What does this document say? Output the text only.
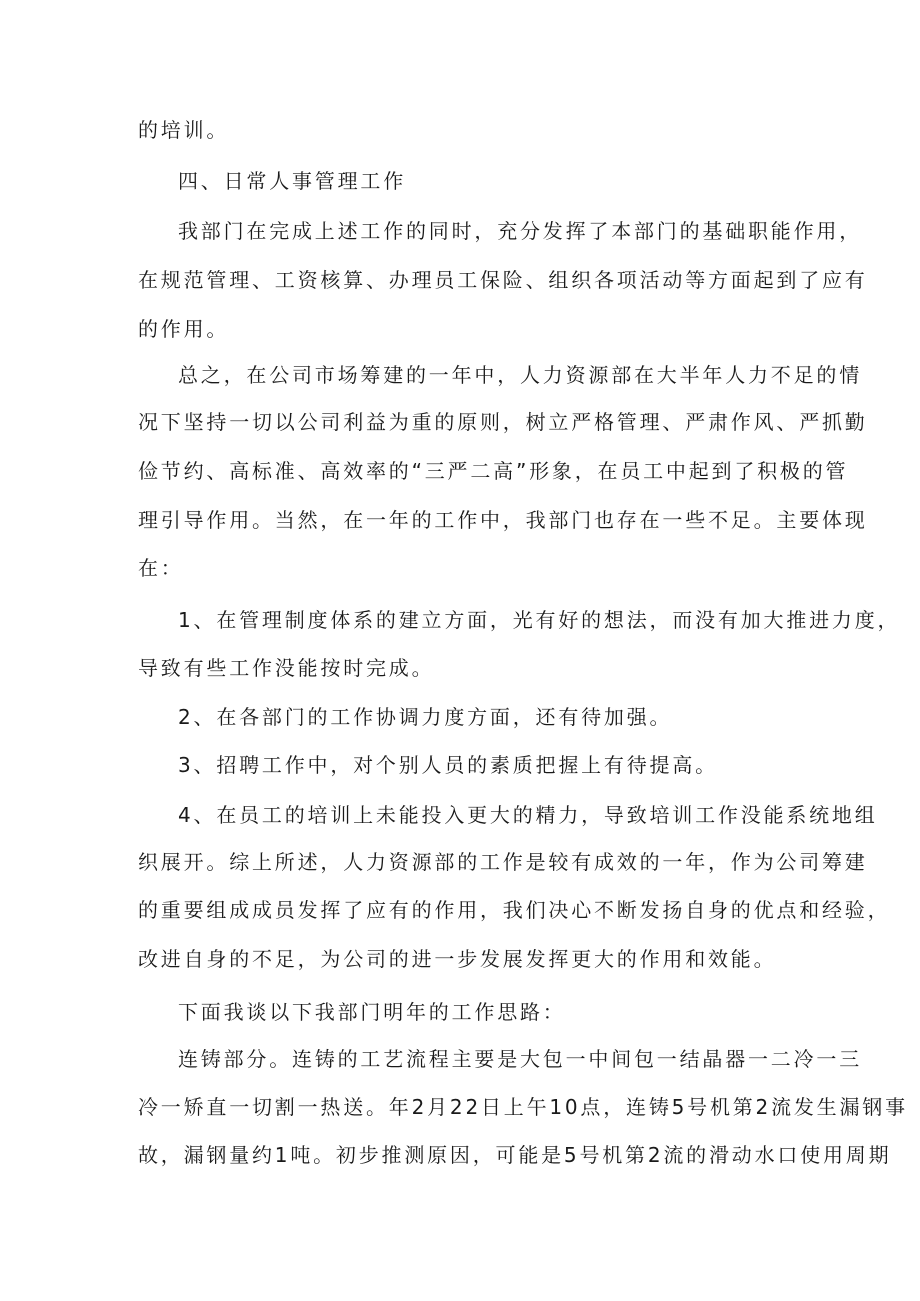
的培训。
四、日常人事管理工作
我部门在完成上述工作的同时，充分发挥了本部门的基础职能作用，
在规范管理、工资核算、办理员工保险、组织各项活动等方面起到了应有
的作用。
总之，在公司市场筹建的一年中，人力资源部在大半年人力不足的情
况下坚持一切以公司利益为重的原则，树立严格管理、严肃作风、严抓勤
俭节约、高标准、高效率的“三严二高”形象，在员工中起到了积极的管
理引导作用。当然，在一年的工作中，我部门也存在一些不足。主要体现
在：
1、在管理制度体系的建立方面，光有好的想法，而没有加大推进力度，
导致有些工作没能按时完成。
2、在各部门的工作协调力度方面，还有待加强。
3、招聘工作中，对个别人员的素质把握上有待提高。
4、在员工的培训上未能投入更大的精力，导致培训工作没能系统地组
织展开。综上所述，人力资源部的工作是较有成效的一年，作为公司筹建
的重要组成成员发挥了应有的作用，我们决心不断发扬自身的优点和经验，
改进自身的不足，为公司的进一步发展发挥更大的作用和效能。
下面我谈以下我部门明年的工作思路：
连铸部分。连铸的工艺流程主要是大包一中间包一结晶器一二冷一三
冷一矫直一切割一热送。年2月22日上午10点，连铸5号机第2流发生漏钢事
故，漏钢量约1吨。初步推测原因，可能是5号机第2流的滑动水口使用周期
